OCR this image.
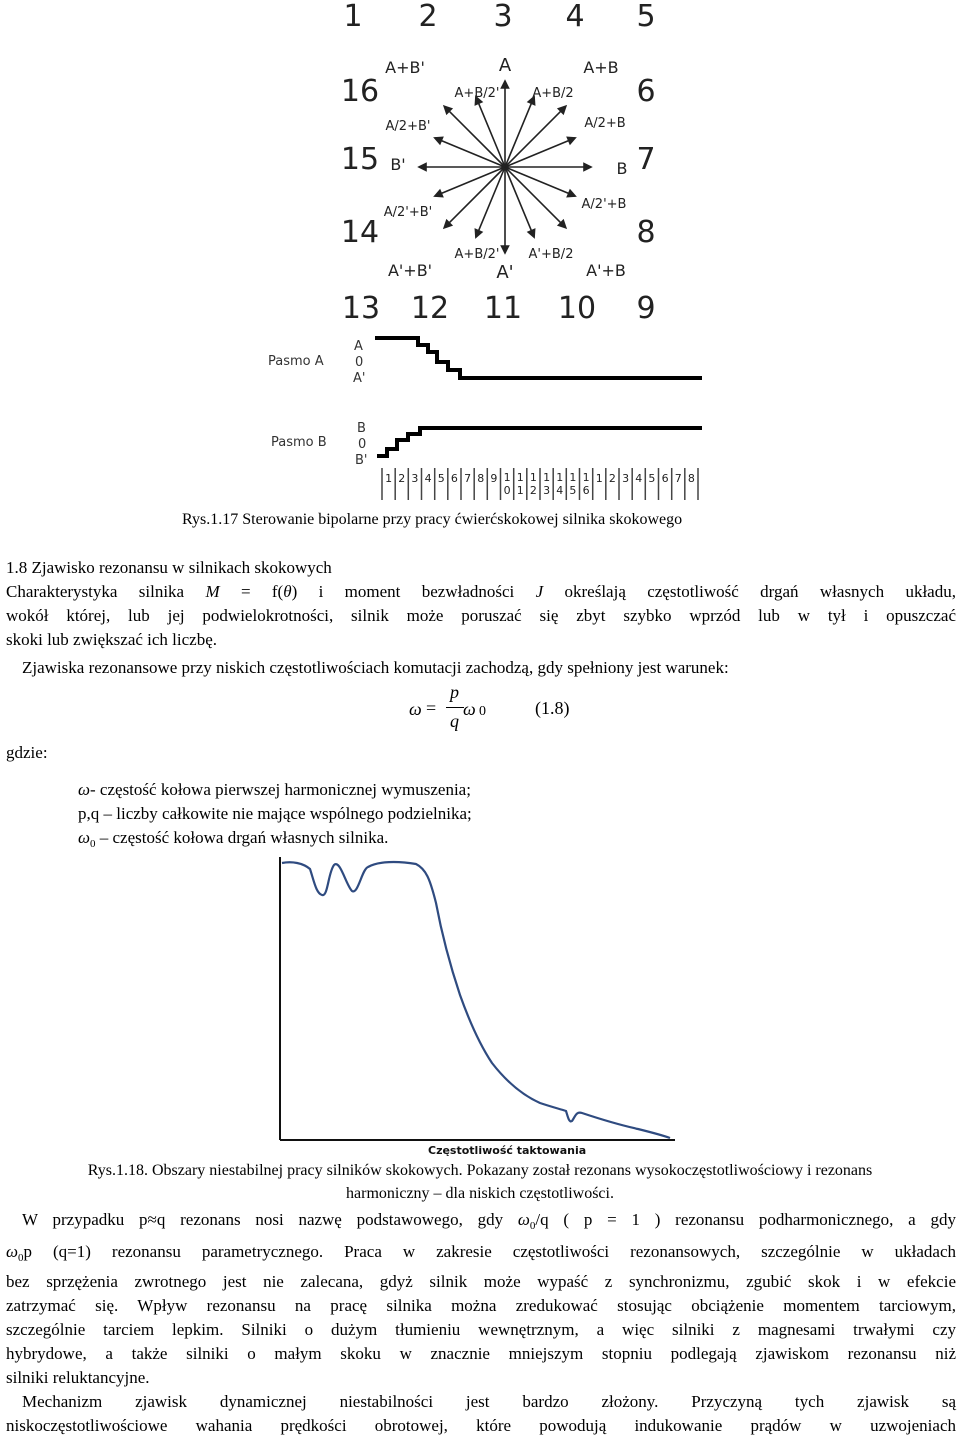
1 2 3 4 5
6
7
8
9
10
11
12
13
14
15
16
A+B'	A	A+B
A+B/2'	A+B/2
A/2+B'	A/2+B
B'	B
A/2'+B'
A/2'+B
A+B/2' A'+B/2
A'+B'	A'	A'+B
Pasmo A
A
0
A'
Pasmo B
B
0
B'
1 2 3 4 5 6 7 8 9 1
0
1
1
1
2
1
3
1
4
1
5
1
6
1 2 3 4 5 6 7 8
Rys.1.17 Sterowanie bipolarne przy pracy ćwierćskokowej silnika skokowego
1.8 Zjawisko rezonansu w silnikach skokowych
Charakterystyka silnika M = f(θ) i moment bezwładności J określają częstotliwość drgań własnych układu,
wokół której, lub jej podwielokrotności, silnik może poruszać się zbyt szybko wprzód lub w tył i opuszczać
skoki lub zwiększać ich liczbę.
Zjawiska rezonansowe przy niskich częstotliwościach komutacji zachodzą, gdy spełniony jest warunek:
ω =
p
q
ω 0	(1.8)
gdzie:
ω- częstość kołowa pierwszej harmonicznej wymuszenia;
p,q – liczby całkowite nie mające wspólnego podzielnika;
$\omega_0$ – częstość kołowa drgań własnych silnika.
Częstotliwość taktowania
Rys.1.18. Obszary niestabilnej pracy silników skokowych. Pokazany został rezonans wysokoczęstotliwościowy i rezonans
harmoniczny – dla niskich częstotliwości.
W przypadku p≈q rezonans nosi nazwę podstawowego, gdy $\omega_0/q$ ( p = 1 ) rezonansu podharmonicznego, a gdy
$\omega_0p$ (q=1) rezonansu parametrycznego. Praca w zakresie częstotliwości rezonansowych, szczególnie w układach
bez sprzężenia zwrotnego jest nie zalecana, gdyż silnik może wypaść z synchronizmu, zgubić skok i w efekcie
zatrzymać się. Wpływ rezonansu na pracę silnika można zredukować stosując obciążenie momentem tarciowym,
szczególnie tarciem lepkim. Silniki o dużym tłumieniu wewnętrznym, a więc silniki z magnesami trwałymi czy
hybrydowe, a także silniki o małym skoku w znacznie mniejszym stopniu podlegają zjawiskom rezonansu niż
silniki reluktancyjne.
Mechanizm zjawisk dynamicznej niestabilności jest bardzo złożony. Przyczyną tych zjawisk są
niskoczęstotliwościowe wahania prędkości obrotowej, które powodują indukowanie prądów w uzwojeniach
